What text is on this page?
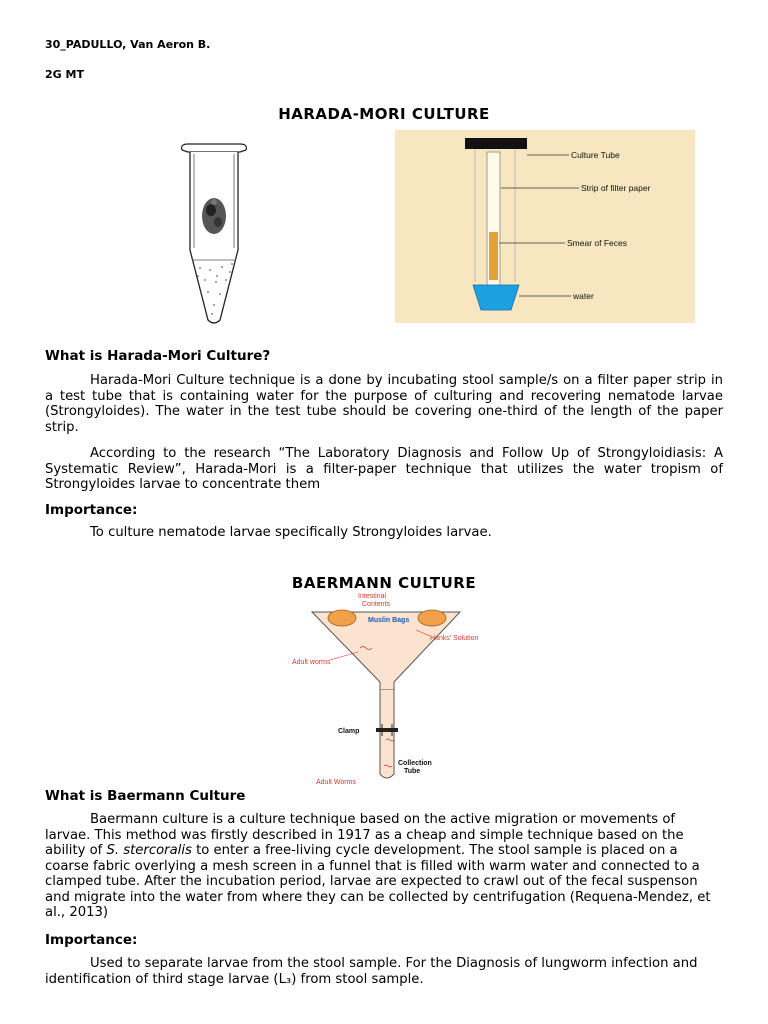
30_PADULLO, Van Aeron B.
2G MT
HARADA-MORI CULTURE
Culture Tube
Strip of filter paper
Smear of Feces
water
What is Harada-Mori Culture?
Harada-Mori Culture technique is a done by incubating stool sample/s on a filter paper strip in a test tube that is containing water for the purpose of culturing and recovering nematode larvae (Strongyloides). The water in the test tube should be covering one-third of the length of the paper strip.
According to the research “The Laboratory Diagnosis and Follow Up of Strongyloidiasis: A Systematic Review”, Harada-Mori is a filter-paper technique that utilizes the water tropism of Strongyloides larvae to concentrate them
Importance:
To culture nematode larvae specifically Strongyloides larvae.
BAERMANN CULTURE
Intestinal
Contents
Muslin Bags
Hanks' Solution
Adult worms
Clamp
Collection
Tube
Adult Worms
What is Baermann Culture
Baermann culture is a culture technique based on the active migration or movements of larvae. This method was firstly described in 1917 as a cheap and simple technique based on the ability of S. stercoralis to enter a free-living cycle development. The stool sample is placed on a coarse fabric overlying a mesh screen in a funnel that is filled with warm water and connected to a clamped tube. After the incubation period, larvae are expected to crawl out of the fecal suspenson and migrate into the water from where they can be collected by centrifugation (Requena-Mendez, et al., 2013)
Importance:
Used to separate larvae from the stool sample. For the Diagnosis of lungworm infection and identification of third stage larvae (L₃) from stool sample.
